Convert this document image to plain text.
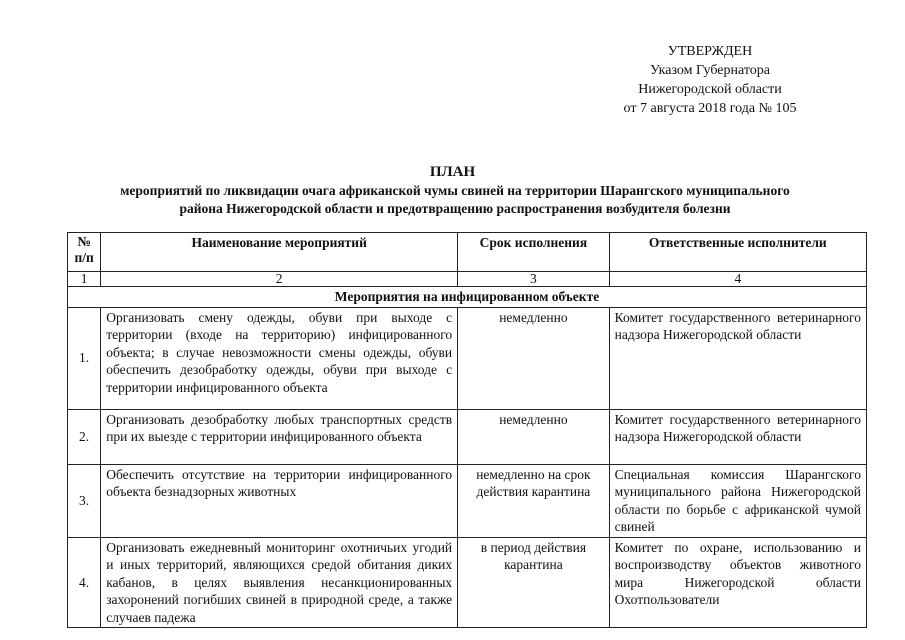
УТВЕРЖДЕН
Указом Губернатора
Нижегородской области
от 7 августа 2018 года № 105
ПЛАН
мероприятий по ликвидации очага африканской чумы свиней на территории Шарангского муниципального
района Нижегородской области и предотвращению распространения возбудителя болезни
№
п/п	Наименование мероприятий	Срок исполнения	Ответственные исполнители
1	2	3	4
Мероприятия на инфицированном объекте			
1.	Организовать смену одежды, обуви при выходе с территории (входе на территорию) инфицированного объекта; в случае невозможности смены одежды, обуви обеспечить дезобработку одежды, обуви при выходе с территории инфицированного объекта	немедленно	Комитет государственного ветеринарного надзора Нижегородской области
2.	Организовать дезобработку любых транспортных средств при их выезде с территории инфицированного объекта	немедленно	Комитет государственного ветеринарного надзора Нижегородской области
3.	Обеспечить отсутствие на территории инфицированного объекта безнадзорных животных	немедленно на срок действия карантина	Специальная комиссия Шарангского муниципального района Нижегородской области по борьбе с африканской чумой свиней
4.	Организовать ежедневный мониторинг охотничьих угодий и иных территорий, являющихся средой обитания диких кабанов, в целях выявления несанкционированных захоронений погибших свиней в природной среде, а также случаев падежа	в период действия карантина	Комитет по охране, использованию и воспроизводству объектов животного мира Нижегородской области Охотпользователи
